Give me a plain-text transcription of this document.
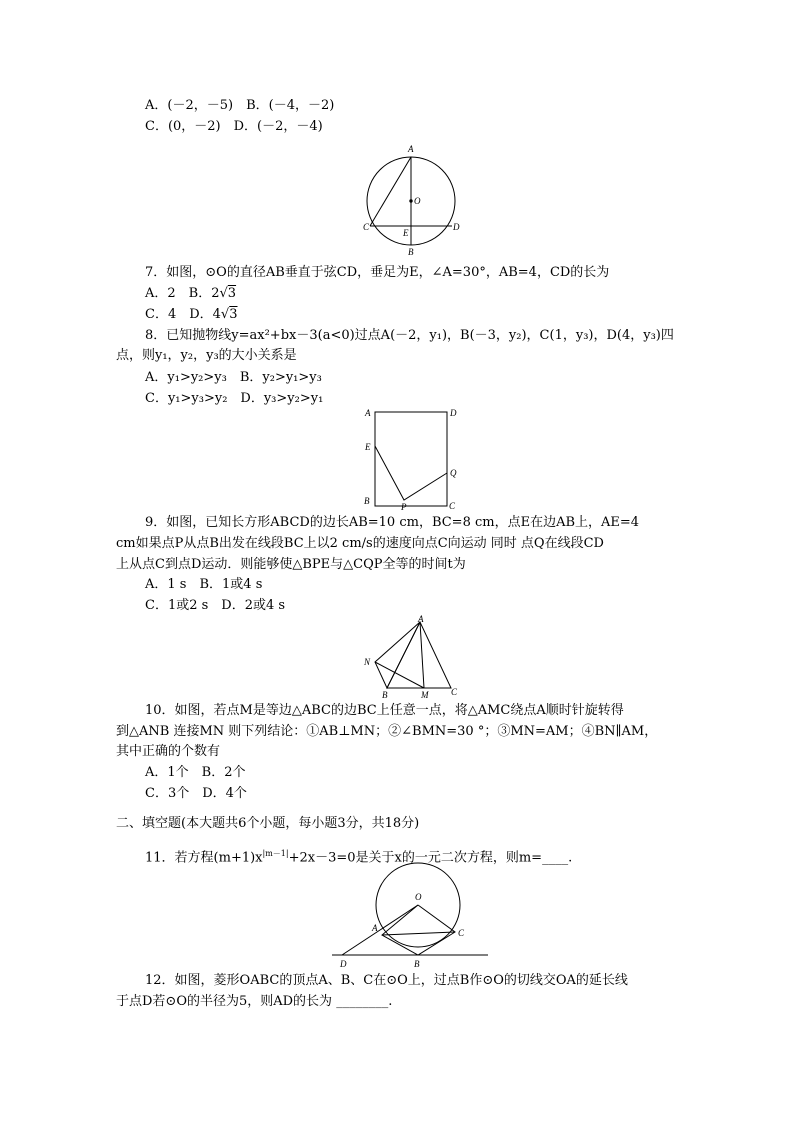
A．(－2，－5)　B．(－4，－2)
C．(0，－2)　D．(－2，－4)
A
O
C
E
D
B
7．如图，⊙O的直径AB垂直于弦CD，垂足为E，∠A=30°，AB=4，CD的长为
A．2　B．2√3
C．4　D．4√3
8．已知抛物线y=ax²+bx－3(a<0)过点A(－2，y₁)，B(－3，y₂)，C(1，y₃)，D(4，y₃)四
点，则y₁，y₂，y₃的大小关系是
A．y₁>y₂>y₃　B．y₂>y₁>y₃
C．y₁>y₃>y₂　D．y₃>y₂>y₁
A	D
E
Q
B
P	C
9．如图，已知长方形ABCD的边长AB=10 cm，BC=8 cm，点E在边AB上，AE=4
cm如果点P从点B出发在线段BC上以2 cm/s的速度向点C向运动 同时 点Q在线段CD
上从点C到点D运动．则能够使△BPE与△CQP全等的时间t为
A．1 s　B．1或4 s
C．1或2 s　D．2或4 s
A
N
B	M	C
10．如图，若点M是等边△ABC的边BC上任意一点，将△AMC绕点A顺时针旋转得
到△ANB 连接MN 则下列结论：①AB⊥MN；②∠BMN=30 °；③MN=AM；④BN∥AM，
其中正确的个数有
A．1个　B．2个
C．3个　D．4个
二、填空题(本大题共6个小题，每小题3分，共18分)
11．若方程$(m+1)x^{|m-1|}+2x-3=0$是关于x的一元二次方程，则m=____.
O
A	C
D	B
12．如图，菱形OABC的顶点A、B、C在⊙O上，过点B作⊙O的切线交OA的延长线
于点D若⊙O的半径为5，则AD的长为 ________.
